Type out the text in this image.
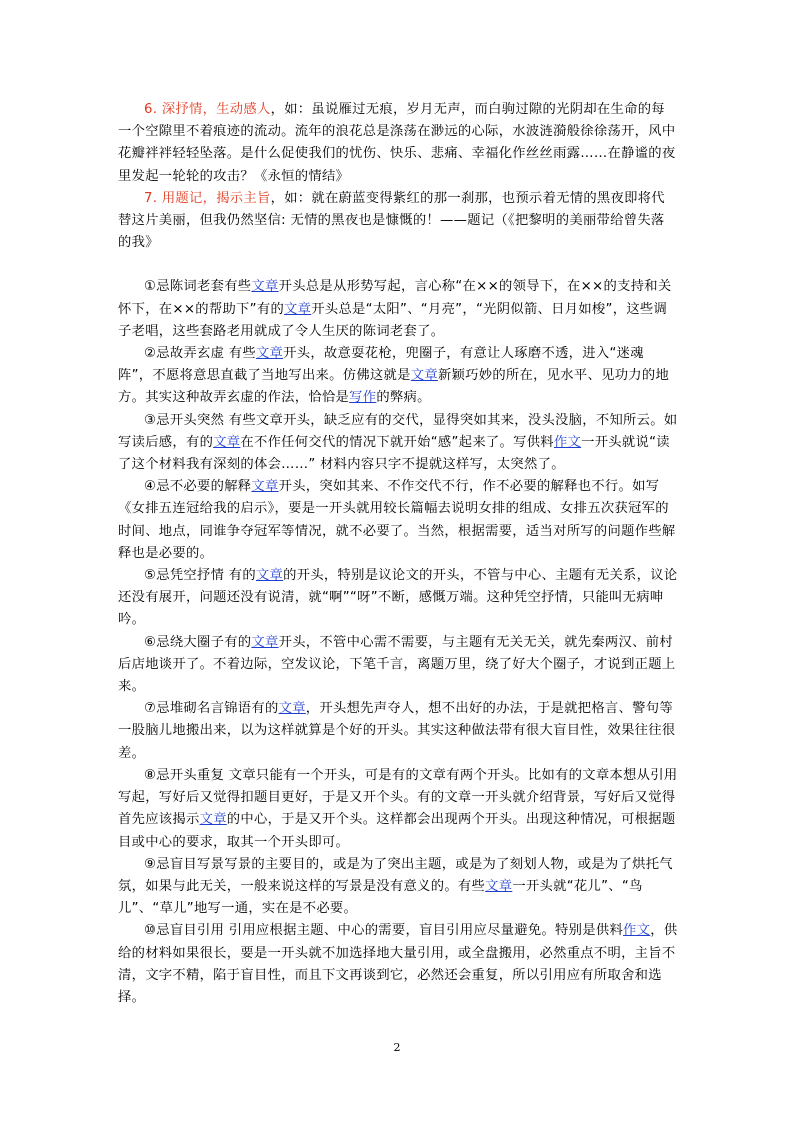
6. 深抒情，生动感人，如：虽说雁过无痕，岁月无声，而白驹过隙的光阴却在生命的每一个空隙里不着痕迹的流动。流年的浪花总是涤荡在渺远的心际，水波涟漪般徐徐荡开，风中花瓣袢袢轻轻坠落。是什么促使我们的忧伤、快乐、悲痛、幸福化作丝丝雨露……在静谧的夜里发起一轮轮的攻击？《永恒的情结》

7. 用题记，揭示主旨，如：就在蔚蓝变得紫红的那一刹那，也预示着无情的黑夜即将代替这片美丽，但我仍然坚信: 无情的黑夜也是慷慨的！——题记（《把黎明的美丽带给曾失落的我》

①忌陈词老套有些文章开头总是从形势写起，言心称“在××的领导下，在××的支持和关怀下，在××的帮助下”有的文章开头总是“太阳”、“月亮”，“光阴似箭、日月如梭”，这些调子老唱，这些套路老用就成了令人生厌的陈词老套了。

②忌故弄玄虚 有些文章开头，故意耍花枪，兜圈子，有意让人琢磨不透，进入“迷魂阵”，不愿将意思直截了当地写出来。仿佛这就是文章新颖巧妙的所在，见水平、见功力的地方。其实这种故弄玄虚的作法，恰恰是写作的弊病。

③忌开头突然 有些文章开头，缺乏应有的交代，显得突如其来，没头没脑，不知所云。如写读后感，有的文章在不作任何交代的情况下就开始“感”起来了。写供料作文一开头就说“读了这个材料我有深刻的体会……” 材料内容只字不提就这样写，太突然了。

④忌不必要的解释文章开头，突如其来、不作交代不行，作不必要的解释也不行。如写《女排五连冠给我的启示》，要是一开头就用较长篇幅去说明女排的组成、女排五次获冠军的时间、地点，同谁争夺冠军等情况，就不必要了。当然，根据需要，适当对所写的问题作些解释也是必要的。

⑤忌凭空抒情 有的文章的开头，特别是议论文的开头，不管与中心、主题有无关系，议论还没有展开，问题还没有说清，就“啊”“呀”不断，感慨万端。这种凭空抒情，只能叫无病呻吟。

⑥忌绕大圈子有的文章开头，不管中心需不需要，与主题有无关无关，就先秦两汉、前村后店地谈开了。不着边际，空发议论，下笔千言，离题万里，绕了好大个圈子，才说到正题上来。

⑦忌堆砌名言锦语有的文章，开头想先声夺人，想不出好的办法，于是就把格言、警句等一股脑儿地搬出来，以为这样就算是个好的开头。其实这种做法带有很大盲目性，效果往往很差。

⑧忌开头重复 文章只能有一个开头，可是有的文章有两个开头。比如有的文章本想从引用写起，写好后又觉得扣题目更好，于是又开个头。有的文章一开头就介绍背景，写好后又觉得首先应该揭示文章的中心，于是又开个头。这样都会出现两个开头。出现这种情况，可根据题目或中心的要求，取其一个开头即可。

⑨忌盲目写景写景的主要目的，或是为了突出主题，或是为了刻划人物，或是为了烘托气氛，如果与此无关，一般来说这样的写景是没有意义的。有些文章一开头就“花儿”、“鸟儿”、“草儿”地写一通，实在是不必要。

⑩忌盲目引用 引用应根据主题、中心的需要，盲目引用应尽量避免。特别是供料作文，供给的材料如果很长，要是一开头就不加选择地大量引用，或全盘搬用，必然重点不明，主旨不清，文字不精，陷于盲目性，而且下文再谈到它，必然还会重复，所以引用应有所取舍和选择。

2
